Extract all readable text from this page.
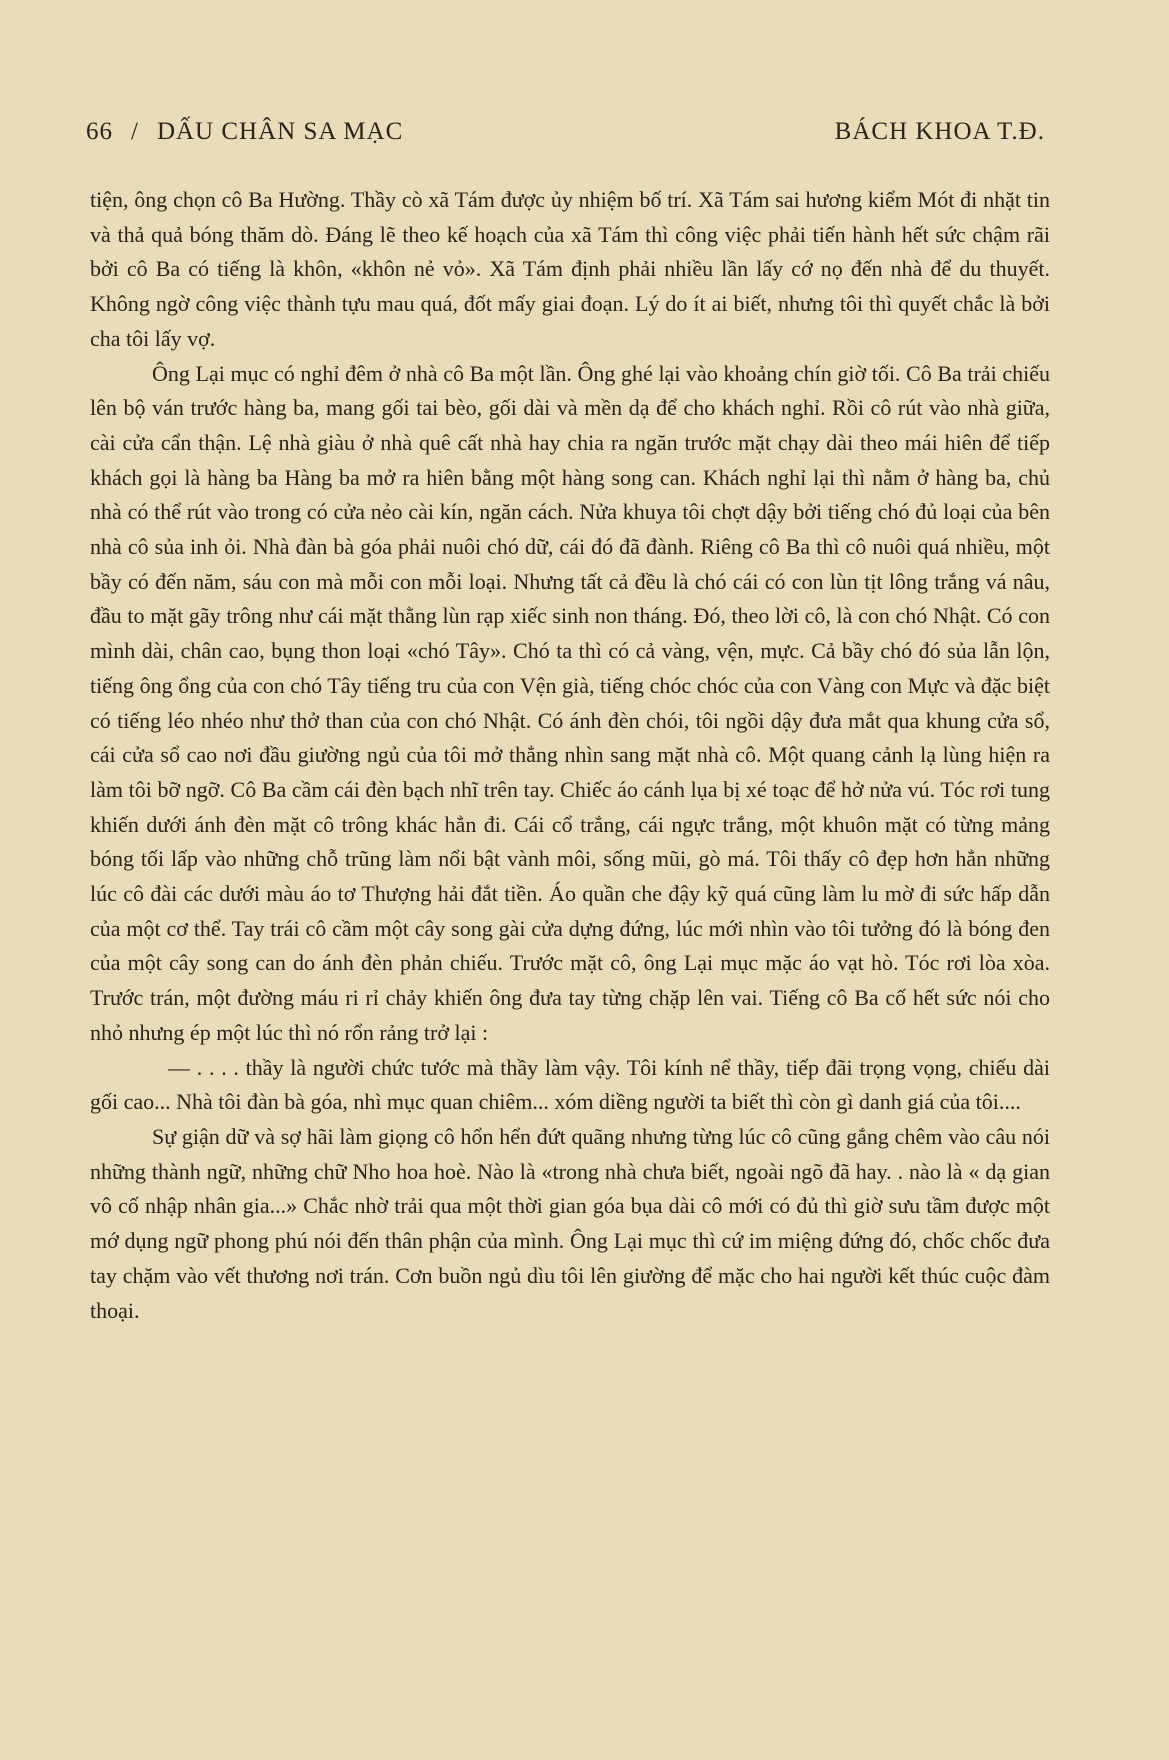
66 / DẤU CHÂN SA MẠC	BÁCH KHOA T.Đ.

tiện, ông chọn cô Ba Hường. Thầy cò xã Tám được ủy nhiệm bố trí. Xã Tám sai hương kiểm Mót đi nhặt tin và thả quả bóng thăm dò. Đáng lẽ theo kế hoạch của xã Tám thì công việc phải tiến hành hết sức chậm rãi bởi cô Ba có tiếng là khôn, «khôn nẻ vỏ». Xã Tám định phải nhiều lần lấy cớ nọ đến nhà để du thuyết. Không ngờ công việc thành tựu mau quá, đốt mấy giai đoạn. Lý do ít ai biết, nhưng tôi thì quyết chắc là bởi cha tôi lấy vợ.

Ông Lại mục có nghỉ đêm ở nhà cô Ba một lần. Ông ghé lại vào khoảng chín giờ tối. Cô Ba trải chiếu lên bộ ván trước hàng ba, mang gối tai bèo, gối dài và mền dạ để cho khách nghỉ. Rồi cô rút vào nhà giữa, cài cửa cẩn thận. Lệ nhà giàu ở nhà quê cất nhà hay chia ra ngăn trước mặt chạy dài theo mái hiên để tiếp khách gọi là hàng ba Hàng ba mở ra hiên bằng một hàng song can. Khách nghỉ lại thì nằm ở hàng ba, chủ nhà có thể rút vào trong có cửa nẻo cài kín, ngăn cách. Nửa khuya tôi chợt dậy bởi tiếng chó đủ loại của bên nhà cô sủa inh ỏi. Nhà đàn bà góa phải nuôi chó dữ, cái đó đã đành. Riêng cô Ba thì cô nuôi quá nhiều, một bầy có đến năm, sáu con mà mỗi con mỗi loại. Nhưng tất cả đều là chó cái có con lùn tịt lông trắng vá nâu, đầu to mặt gãy trông như cái mặt thằng lùn rạp xiếc sinh non tháng. Đó, theo lời cô, là con chó Nhật. Có con mình dài, chân cao, bụng thon loại «chó Tây». Chó ta thì có cả vàng, vện, mực. Cả bầy chó đó sủa lẫn lộn, tiếng ông ổng của con chó Tây tiếng tru của con Vện già, tiếng chóc chóc của con Vàng con Mực và đặc biệt có tiếng léo nhéo như thở than của con chó Nhật. Có ánh đèn chói, tôi ngồi dậy đưa mắt qua khung cửa sổ, cái cửa sổ cao nơi đầu giường ngủ của tôi mở thẳng nhìn sang mặt nhà cô. Một quang cảnh lạ lùng hiện ra làm tôi bỡ ngỡ. Cô Ba cầm cái đèn bạch nhĩ trên tay. Chiếc áo cánh lụa bị xé toạc để hở nửa vú. Tóc rơi tung khiến dưới ánh đèn mặt cô trông khác hẳn đi. Cái cổ trắng, cái ngực trắng, một khuôn mặt có từng mảng bóng tối lấp vào những chỗ trũng làm nổi bật vành môi, sống mũi, gò má. Tôi thấy cô đẹp hơn hẳn những lúc cô đài các dưới màu áo tơ Thượng hải đắt tiền. Áo quần che đậy kỹ quá cũng làm lu mờ đi sức hấp dẫn của một cơ thể. Tay trái cô cầm một cây song gài cửa dựng đứng, lúc mới nhìn vào tôi tưởng đó là bóng đen của một cây song can do ánh đèn phản chiếu. Trước mặt cô, ông Lại mục mặc áo vạt hò. Tóc rơi lòa xòa. Trước trán, một đường máu ri rỉ chảy khiến ông đưa tay từng chặp lên vai. Tiếng cô Ba cố hết sức nói cho nhỏ nhưng ép một lúc thì nó rổn rảng trở lại :

— . . . . thầy là người chức tước mà thầy làm vậy. Tôi kính nể thầy, tiếp đãi trọng vọng, chiếu dài gối cao... Nhà tôi đàn bà góa, nhì mục quan chiêm... xóm diềng người ta biết thì còn gì danh giá của tôi....

Sự giận dữ và sợ hãi làm giọng cô hổn hển đứt quãng nhưng từng lúc cô cũng gắng chêm vào câu nói những thành ngữ, những chữ Nho hoa hoè. Nào là «trong nhà chưa biết, ngoài ngõ đã hay. . nào là « dạ gian vô cố nhập nhân gia...» Chắc nhờ trải qua một thời gian góa bụa dài cô mới có đủ thì giờ sưu tầm được một mớ dụng ngữ phong phú nói đến thân phận của mình. Ông Lại mục thì cứ im miệng đứng đó, chốc chốc đưa tay chặm vào vết thương nơi trán. Cơn buồn ngủ dìu tôi lên giường để mặc cho hai người kết thúc cuộc đàm thoại.
